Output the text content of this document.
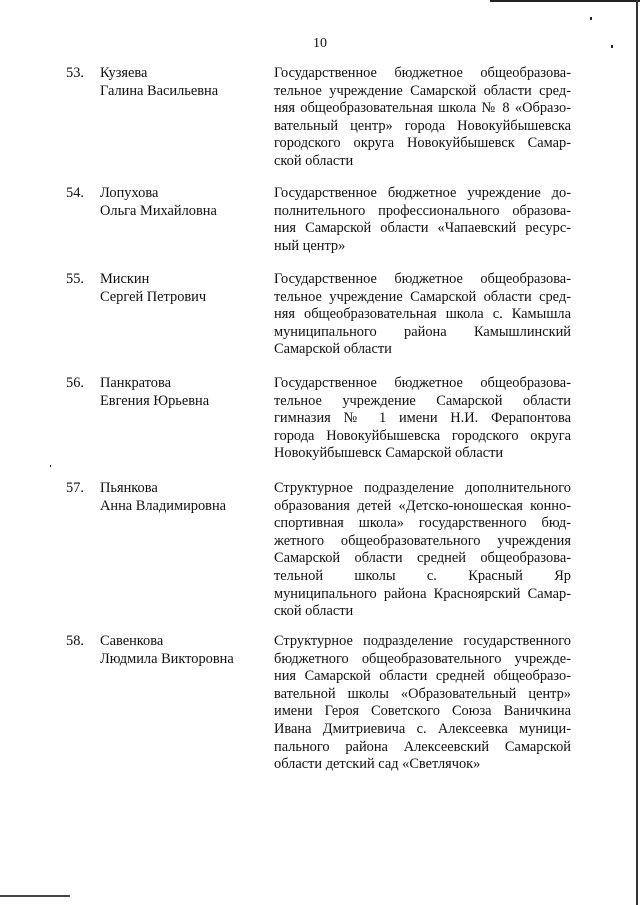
10
53. Кузяева
Галина Васильевна
Государственное бюджетное общеобразова-
тельное учреждение Самарской области сред-
няя общеобразовательная школа № 8 «Образо-
вательный центр» города Новокуйбышевска
городского округа Новокуйбышевск Самар-
ской области
54. Лопухова
Ольга Михайловна
Государственное бюджетное учреждение до-
полнительного профессионального образова-
ния Самарской области «Чапаевский ресурс-
ный центр»
55. Мискин
Сергей Петрович
Государственное бюджетное общеобразова-
тельное учреждение Самарской области сред-
няя общеобразовательная школа с. Камышла
муниципального района Камышлинский
Самарской области
56. Панкратова
Евгения Юрьевна
Государственное бюджетное общеобразова-
тельное учреждение Самарской области
гимназия № 1 имени Н.И. Ферапонтова
города Новокуйбышевска городского округа
Новокуйбышевск Самарской области
57. Пьянкова
Анна Владимировна
Структурное подразделение дополнительного
образования детей «Детско-юношеская конно-
спортивная школа» государственного бюд-
жетного общеобразовательного учреждения
Самарской области средней общеобразова-
тельной школы с. Красный Яр
муниципального района Красноярский Самар-
ской области
58. Савенкова
Людмила Викторовна
Структурное подразделение государственного
бюджетного общеобразовательного учрежде-
ния Самарской области средней общеобразо-
вательной школы «Образовательный центр»
имени Героя Советского Союза Ваничкина
Ивана Дмитриевича с. Алексеевка муници-
пального района Алексеевский Самарской
области детский сад «Светлячок»
